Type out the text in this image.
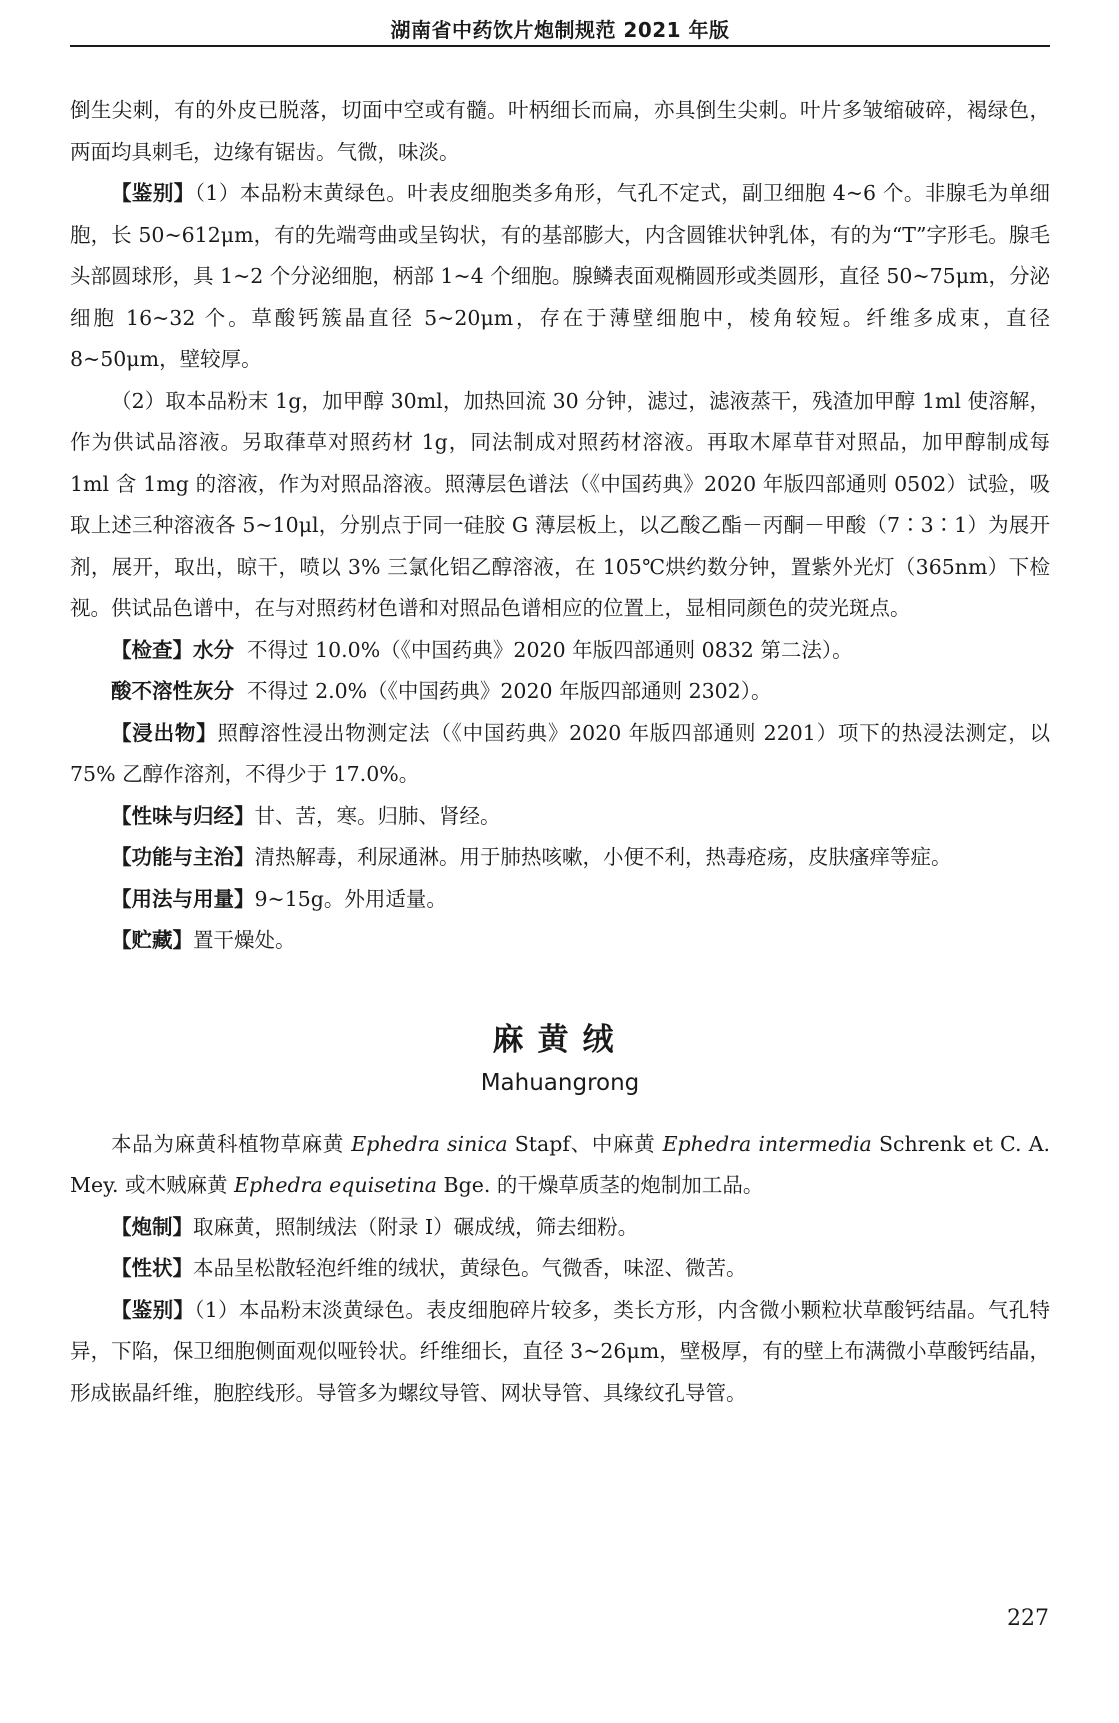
湖南省中药饮片炮制规范 2021 年版

倒生尖刺，有的外皮已脱落，切面中空或有髓。叶柄细长而扁，亦具倒生尖刺。叶片多皱缩破碎，褐绿色，两面均具刺毛，边缘有锯齿。气微，味淡。

【鉴别】（1）本品粉末黄绿色。叶表皮细胞类多角形，气孔不定式，副卫细胞 4~6 个。非腺毛为单细胞，长 50~612μm，有的先端弯曲或呈钩状，有的基部膨大，内含圆锥状钟乳体，有的为“T”字形毛。腺毛头部圆球形，具 1~2 个分泌细胞，柄部 1~4 个细胞。腺鳞表面观椭圆形或类圆形，直径 50~75μm，分泌细胞 16~32 个。草酸钙簇晶直径 5~20μm，存在于薄壁细胞中，棱角较短。纤维多成束，直径 8~50μm，壁较厚。

（2）取本品粉末 1g，加甲醇 30ml，加热回流 30 分钟，滤过，滤液蒸干，残渣加甲醇 1ml 使溶解，作为供试品溶液。另取葎草对照药材 1g，同法制成对照药材溶液。再取木犀草苷对照品，加甲醇制成每 1ml 含 1mg 的溶液，作为对照品溶液。照薄层色谱法（《中国药典》2020 年版四部通则 0502）试验，吸取上述三种溶液各 5~10μl，分别点于同一硅胶 G 薄层板上，以乙酸乙酯－丙酮－甲酸（7∶3∶1）为展开剂，展开，取出，晾干，喷以 3% 三氯化铝乙醇溶液，在 105℃烘约数分钟，置紫外光灯（365nm）下检视。供试品色谱中，在与对照药材色谱和对照品色谱相应的位置上，显相同颜色的荧光斑点。

【检查】水分 不得过 10.0%（《中国药典》2020 年版四部通则 0832 第二法）。

酸不溶性灰分 不得过 2.0%（《中国药典》2020 年版四部通则 2302）。

【浸出物】照醇溶性浸出物测定法（《中国药典》2020 年版四部通则 2201）项下的热浸法测定，以 75% 乙醇作溶剂，不得少于 17.0%。

【性味与归经】甘、苦，寒。归肺、肾经。

【功能与主治】清热解毒，利尿通淋。用于肺热咳嗽，小便不利，热毒疮疡，皮肤瘙痒等症。

【用法与用量】9~15g。外用适量。

【贮藏】置干燥处。

麻黄绒
Mahuangrong

本品为麻黄科植物草麻黄 Ephedra sinica Stapf、中麻黄 Ephedra intermedia Schrenk et C. A. Mey. 或木贼麻黄 Ephedra equisetina Bge. 的干燥草质茎的炮制加工品。

【炮制】取麻黄，照制绒法（附录 Ⅰ）碾成绒，筛去细粉。

【性状】本品呈松散轻泡纤维的绒状，黄绿色。气微香，味涩、微苦。

【鉴别】（1）本品粉末淡黄绿色。表皮细胞碎片较多，类长方形，内含微小颗粒状草酸钙结晶。气孔特异，下陷，保卫细胞侧面观似哑铃状。纤维细长，直径 3~26μm，壁极厚，有的壁上布满微小草酸钙结晶，形成嵌晶纤维，胞腔线形。导管多为螺纹导管、网状导管、具缘纹孔导管。

227
